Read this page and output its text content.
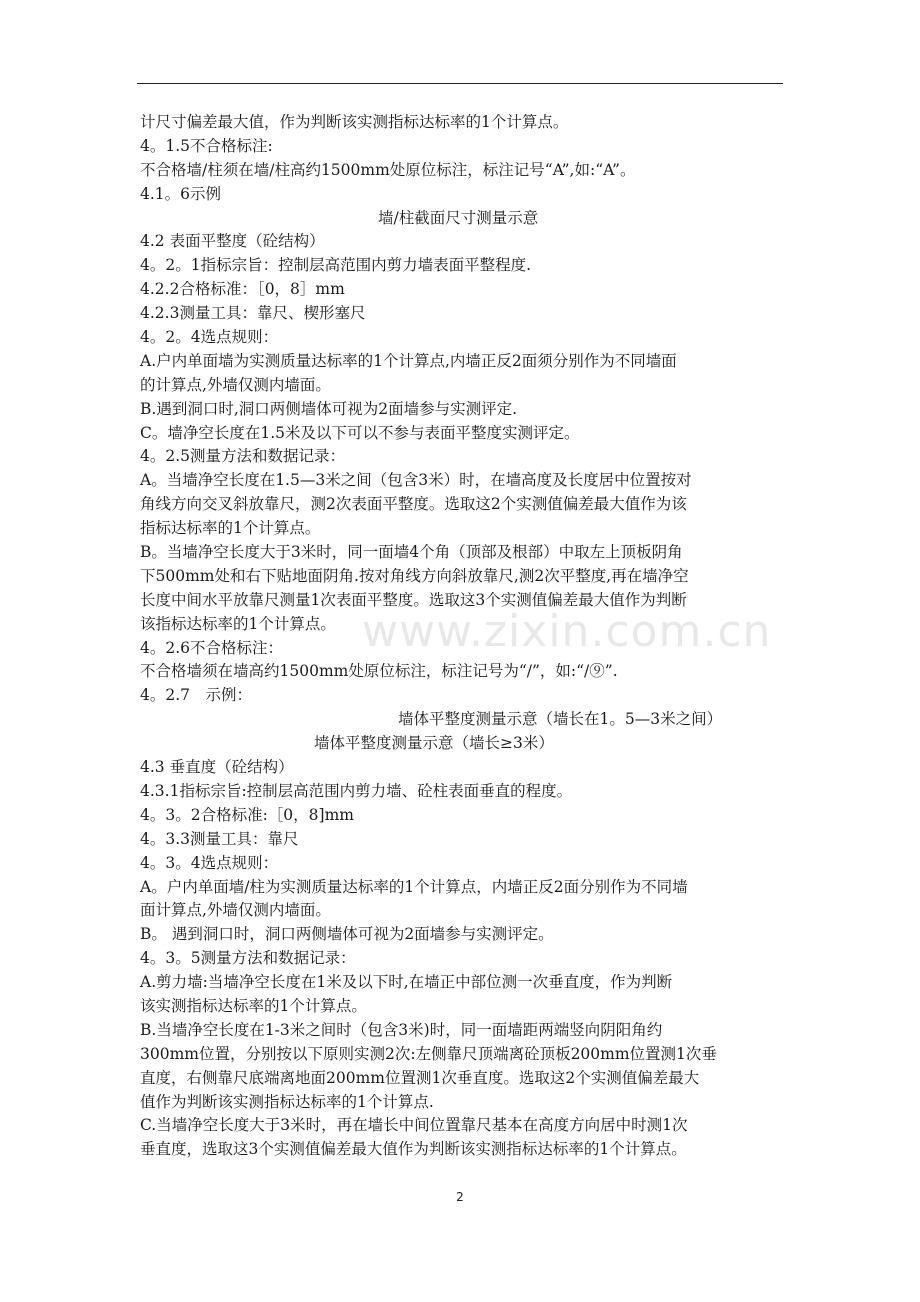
www.zixin.com.cn
计尺寸偏差最大值，作为判断该实测指标达标率的1个计算点。
4。1.5不合格标注:
不合格墙/柱须在墙/柱高约1500mm处原位标注，标注记号“A”,如:“A”。
4.1。6示例
墙/柱截面尺寸测量示意
4.2 表面平整度（砼结构）
4。2。1指标宗旨：控制层高范围内剪力墙表面平整程度.
4.2.2合格标准：［0，8］mm
4.2.3测量工具：靠尺、楔形塞尺
4。2。4选点规则：
A.户内单面墙为实测质量达标率的1个计算点,内墙正反2面须分别作为不同墙面
的计算点,外墙仅测内墙面。
B.遇到洞口时,洞口两侧墙体可视为2面墙参与实测评定.
C。墙净空长度在1.5米及以下可以不参与表面平整度实测评定。
4。2.5测量方法和数据记录：
A。当墙净空长度在1.5—3米之间（包含3米）时，在墙高度及长度居中位置按对
角线方向交叉斜放靠尺，测2次表面平整度。选取这2个实测值偏差最大值作为该
指标达标率的1个计算点。
B。当墙净空长度大于3米时，同一面墙4个角（顶部及根部）中取左上顶板阴角
下500mm处和右下贴地面阴角.按对角线方向斜放靠尺,测2次平整度,再在墙净空
长度中间水平放靠尺测量1次表面平整度。选取这3个实测值偏差最大值作为判断
该指标达标率的1个计算点。
4。2.6不合格标注：
不合格墙须在墙高约1500mm处原位标注，标注记号为“/”，如:“/⑨”.
4。2.7　示例：
墙体平整度测量示意（墙长在1。5—3米之间）
墙体平整度测量示意（墙长≥3米）
4.3 垂直度（砼结构）
4.3.1指标宗旨:控制层高范围内剪力墙、砼柱表面垂直的程度。
4。3。2合格标准:［0，8]mm
4。3.3测量工具：靠尺
4。3。4选点规则：
A。户内单面墙/柱为实测质量达标率的1个计算点，内墙正反2面分别作为不同墙
面计算点,外墙仅测内墙面。
B。 遇到洞口时，洞口两侧墙体可视为2面墙参与实测评定。
4。3。5测量方法和数据记录：
A.剪力墙:当墙净空长度在1米及以下时,在墙正中部位测一次垂直度，作为判断
该实测指标达标率的1个计算点。
B.当墙净空长度在1-3米之间时（包含3米)时，同一面墙距两端竖向阴阳角约
300mm位置，分别按以下原则实测2次:左侧靠尺顶端离砼顶板200mm位置测1次垂
直度，右侧靠尺底端离地面200mm位置测1次垂直度。选取这2个实测值偏差最大
值作为判断该实测指标达标率的1个计算点.
C.当墙净空长度大于3米时，再在墙长中间位置靠尺基本在高度方向居中时测1次
垂直度，选取这3个实测值偏差最大值作为判断该实测指标达标率的1个计算点。
2
